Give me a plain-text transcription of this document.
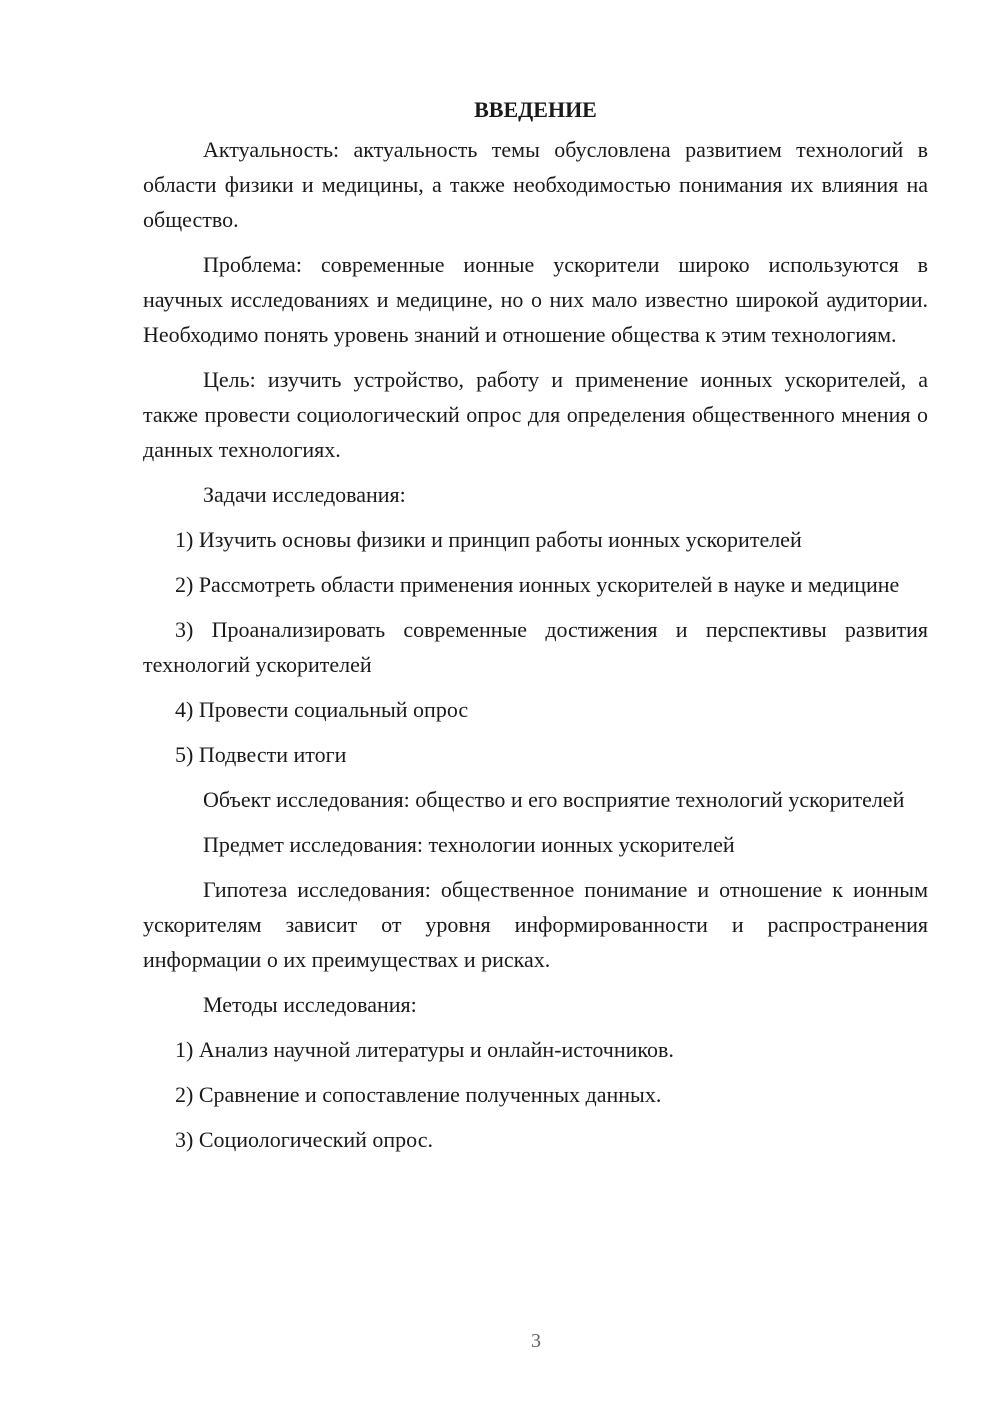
ВВЕДЕНИЕ

Актуальность: актуальность темы обусловлена развитием технологий в области физики и медицины, а также необходимостью понимания их влияния на общество.

Проблема: современные ионные ускорители широко используются в научных исследованиях и медицине, но о них мало известно широкой аудитории. Необходимо понять уровень знаний и отношение общества к этим технологиям.

Цель: изучить устройство, работу и применение ионных ускорителей, а также провести социологический опрос для определения общественного мнения о данных технологиях.

Задачи исследования:

1) Изучить основы физики и принцип работы ионных ускорителей

2) Рассмотреть области применения ионных ускорителей в науке и медицине

3) Проанализировать современные достижения и перспективы развития технологий ускорителей

4) Провести социальный опрос

5) Подвести итоги

Объект исследования: общество и его восприятие технологий ускорителей

Предмет исследования: технологии ионных ускорителей

Гипотеза исследования: общественное понимание и отношение к ионным ускорителям зависит от уровня информированности и распространения информации о их преимуществах и рисках.

Методы исследования:

1) Анализ научной литературы и онлайн-источников.

2) Сравнение и сопоставление полученных данных.

3) Социологический опрос.

3
